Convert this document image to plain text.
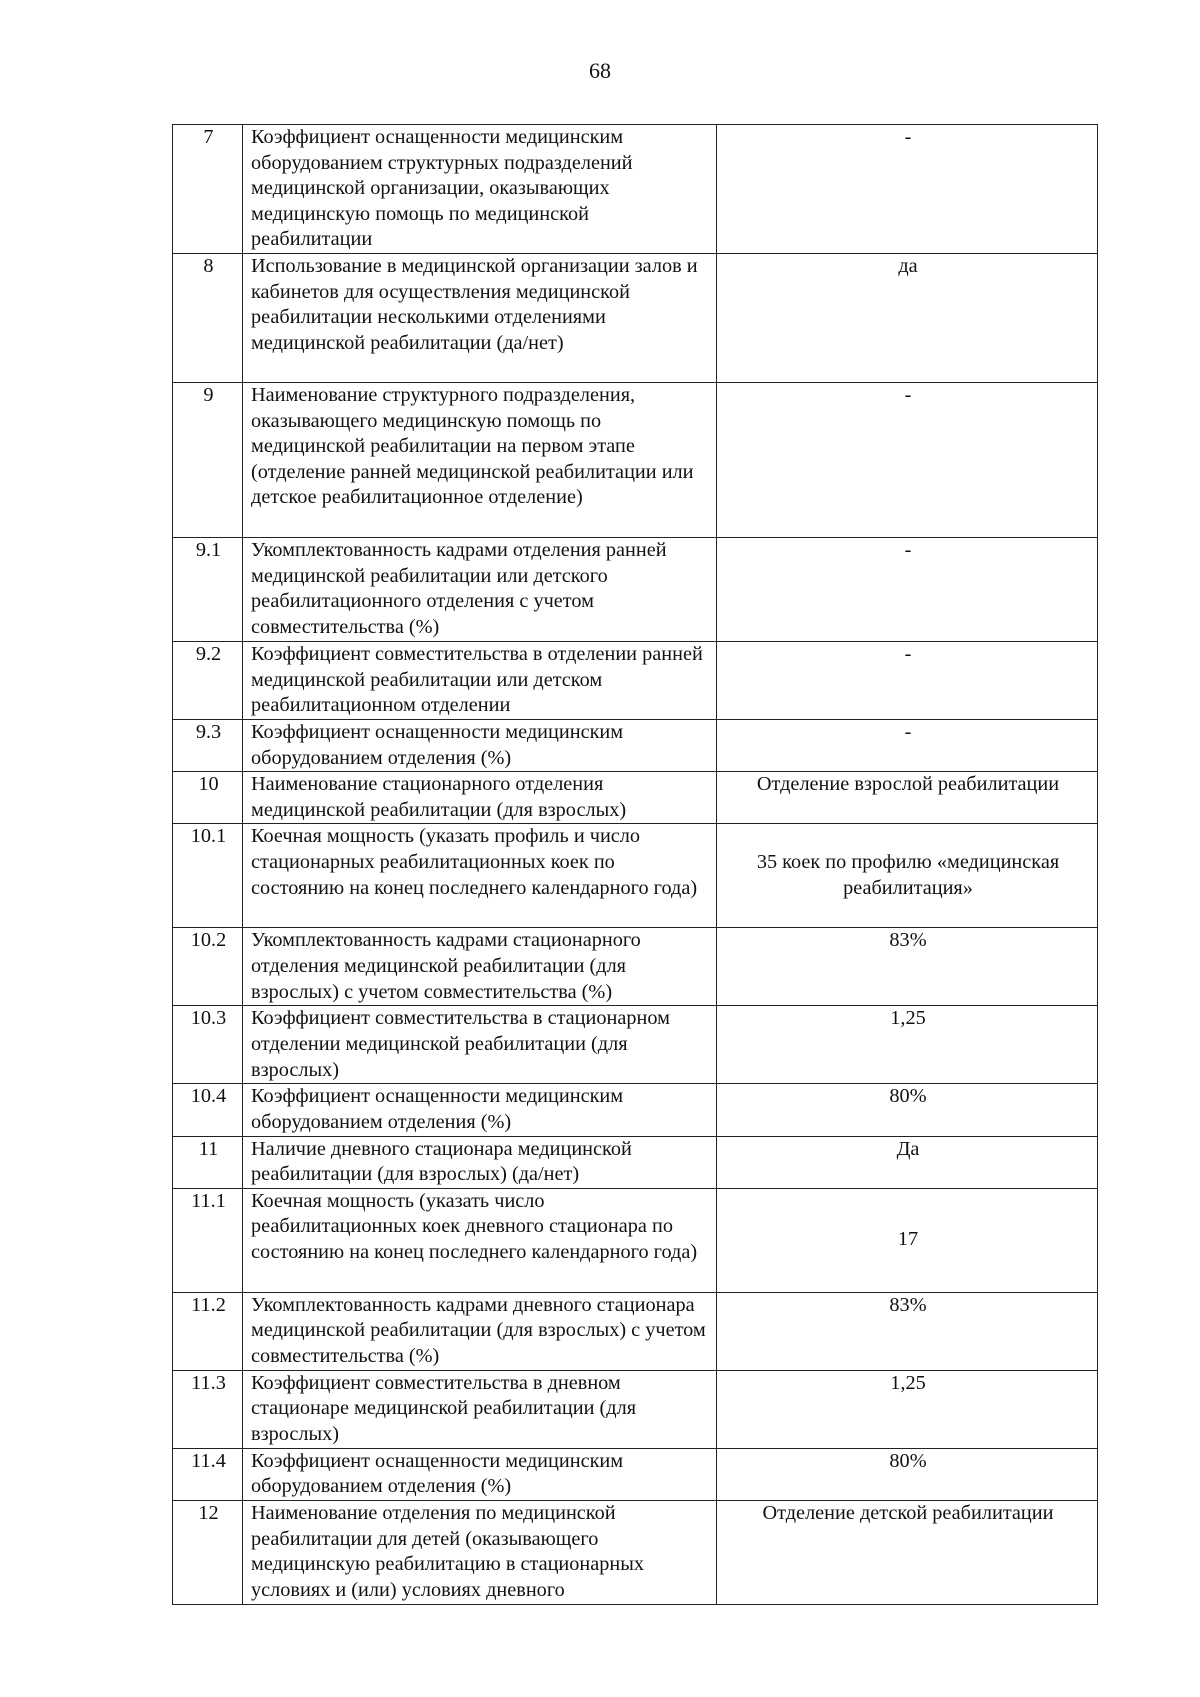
68
7	Коэффициент оснащенности медицинским оборудованием структурных подразделений медицинской организации, оказывающих медицинскую помощь по медицинской реабилитации	-
8	Использование в медицинской организации залов и кабинетов для осуществления медицинской реабилитации несколькими отделениями медицинской реабилитации (да/нет)	да
9	Наименование структурного подразделения, оказывающего медицинскую помощь по медицинской реабилитации на первом этапе (отделение ранней медицинской реабилитации или детское реабилитационное отделение)	-
9.1	Укомплектованность кадрами отделения ранней медицинской реабилитации или детского реабилитационного отделения с учетом совместительства (%)	-
9.2	Коэффициент совместительства в отделении ранней медицинской реабилитации или детском реабилитационном отделении	-
9.3	Коэффициент оснащенности медицинским оборудованием отделения (%)	-
10	Наименование стационарного отделения медицинской реабилитации (для взрослых)	Отделение взрослой реабилитации
10.1	Коечная мощность (указать профиль и число стационарных реабилитационных коек по состоянию на конец последнего календарного года)	35 коек по профилю «медицинская реабилитация»
10.2	Укомплектованность кадрами стационарного отделения медицинской реабилитации (для взрослых) с учетом совместительства (%)	83%
10.3	Коэффициент совместительства в стационарном отделении медицинской реабилитации (для взрослых)	1,25
10.4	Коэффициент оснащенности медицинским оборудованием отделения (%)	80%
11	Наличие дневного стационара медицинской реабилитации (для взрослых) (да/нет)	Да
11.1	Коечная мощность (указать число реабилитационных коек дневного стационара по состоянию на конец последнего календарного года)	17
11.2	Укомплектованность кадрами дневного стационара медицинской реабилитации (для взрослых) с учетом совместительства (%)	83%
11.3	Коэффициент совместительства в дневном стационаре медицинской реабилитации (для взрослых)	1,25
11.4	Коэффициент оснащенности медицинским оборудованием отделения (%)	80%
12	Наименование отделения по медицинской реабилитации для детей (оказывающего медицинскую реабилитацию в стационарных условиях и (или) условиях дневного	Отделение детской реабилитации
